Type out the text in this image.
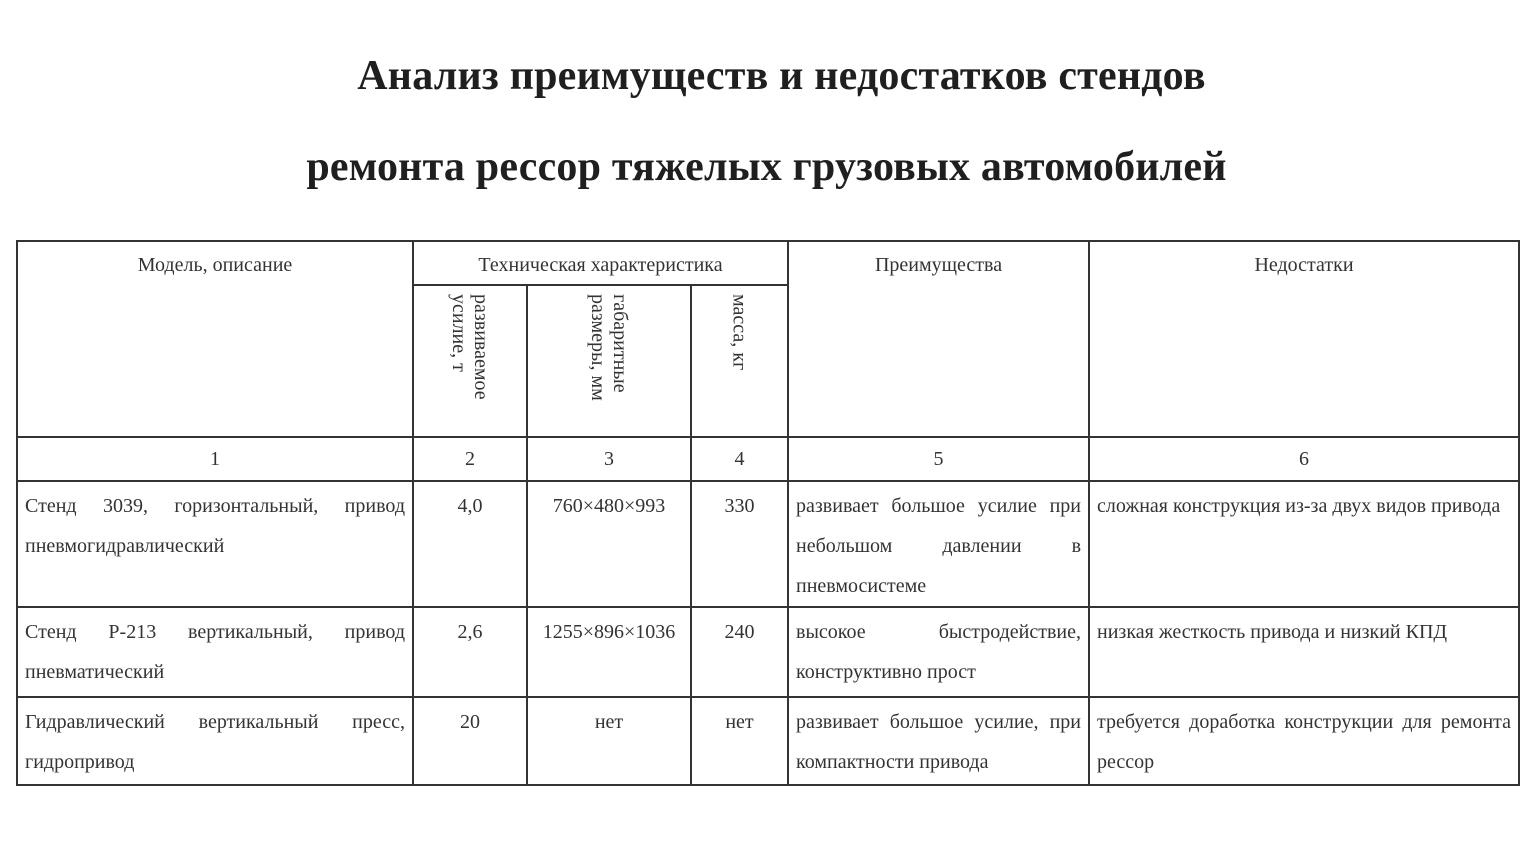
Анализ преимуществ и недостатков стендов
ремонта рессор тяжелых грузовых автомобилей
Модель, описание	Техническая характеристика			Преимущества	Недостатки
	развиваемое усилие, т	габаритные размеры, мм	масса, кг		
1	2	3	4	5	6
Стенд 3039, горизонтальный, привод пневмогидравлический	4,0	760×480×993	330	развивает большое усилие при небольшом давлении в пневмосистеме	сложная конструкция из-за двух видов привода
Стенд Р-213 вертикальный, привод пневматический	2,6	1255×896×1036	240	высокое быстродействие, конструктивно прост	низкая жесткость привода и низкий КПД
Гидравлический вертикальный пресс, гидропривод	20	нет	нет	развивает большое усилие, при компактности привода	требуется доработка конструкции для ремонта рессор
